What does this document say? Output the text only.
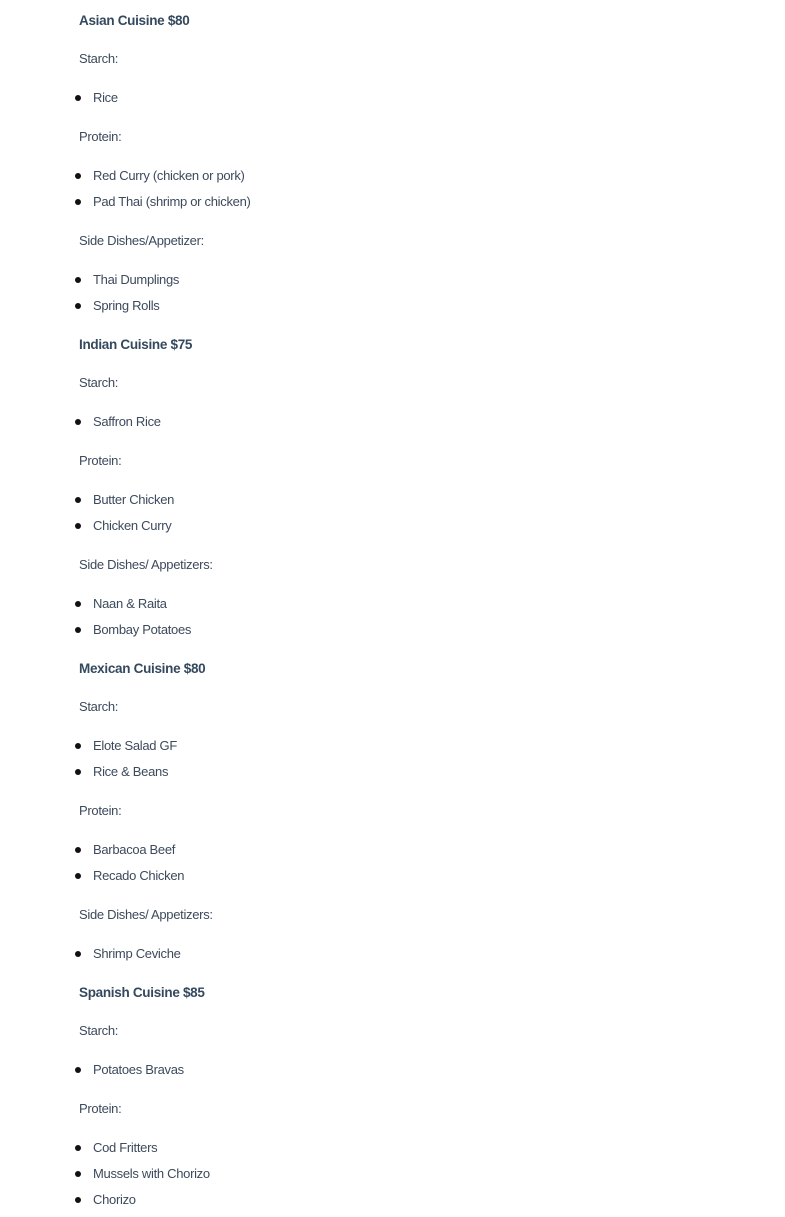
Asian Cuisine $80
Starch:
Rice
Protein:
Red Curry (chicken or pork)
Pad Thai (shrimp or chicken)
Side Dishes/Appetizer:
Thai Dumplings
Spring Rolls
Indian Cuisine $75
Starch:
Saffron Rice
Protein:
Butter Chicken
Chicken Curry
Side Dishes/ Appetizers:
Naan & Raita
Bombay Potatoes
Mexican Cuisine $80
Starch:
Elote Salad GF
Rice & Beans
Protein:
Barbacoa Beef
Recado Chicken
Side Dishes/ Appetizers:
Shrimp Ceviche
Spanish Cuisine $85
Starch:
Potatoes Bravas
Protein:
Cod Fritters
Mussels with Chorizo
Chorizo
